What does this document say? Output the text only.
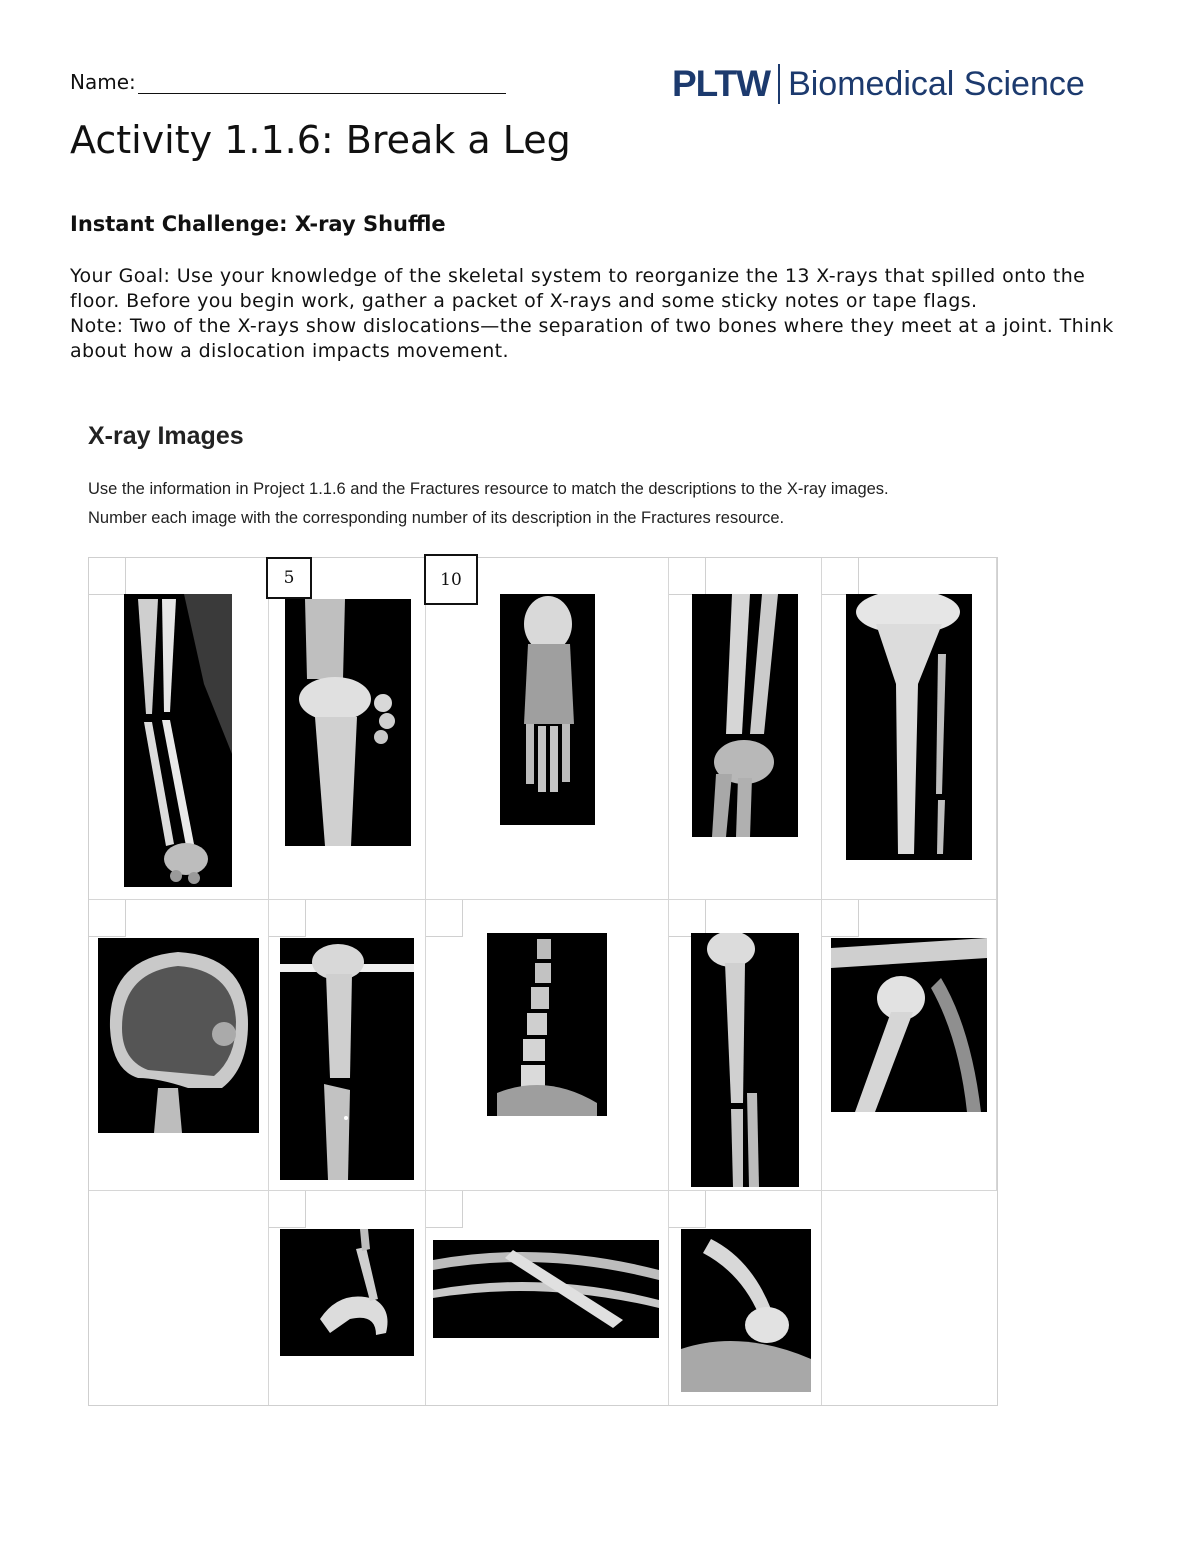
Name:	PLTW Biomedical Science
Activity 1.1.6: Break a Leg
Instant Challenge: X-ray Shuffle

Your Goal: Use your knowledge of the skeletal system to reorganize the 13 X-rays that spilled onto the floor. Before you begin work, gather a packet of X-rays and some sticky notes or tape flags.

Note: Two of the X-rays show dislocations—the separation of two bones where they meet at a joint. Think about how a dislocation impacts movement.

X-ray Images
Use the information in Project 1.1.6 and the Fractures resource to match the descriptions to the X-ray images.
Number each image with the corresponding number of its description in the Fractures resource.
5	10
